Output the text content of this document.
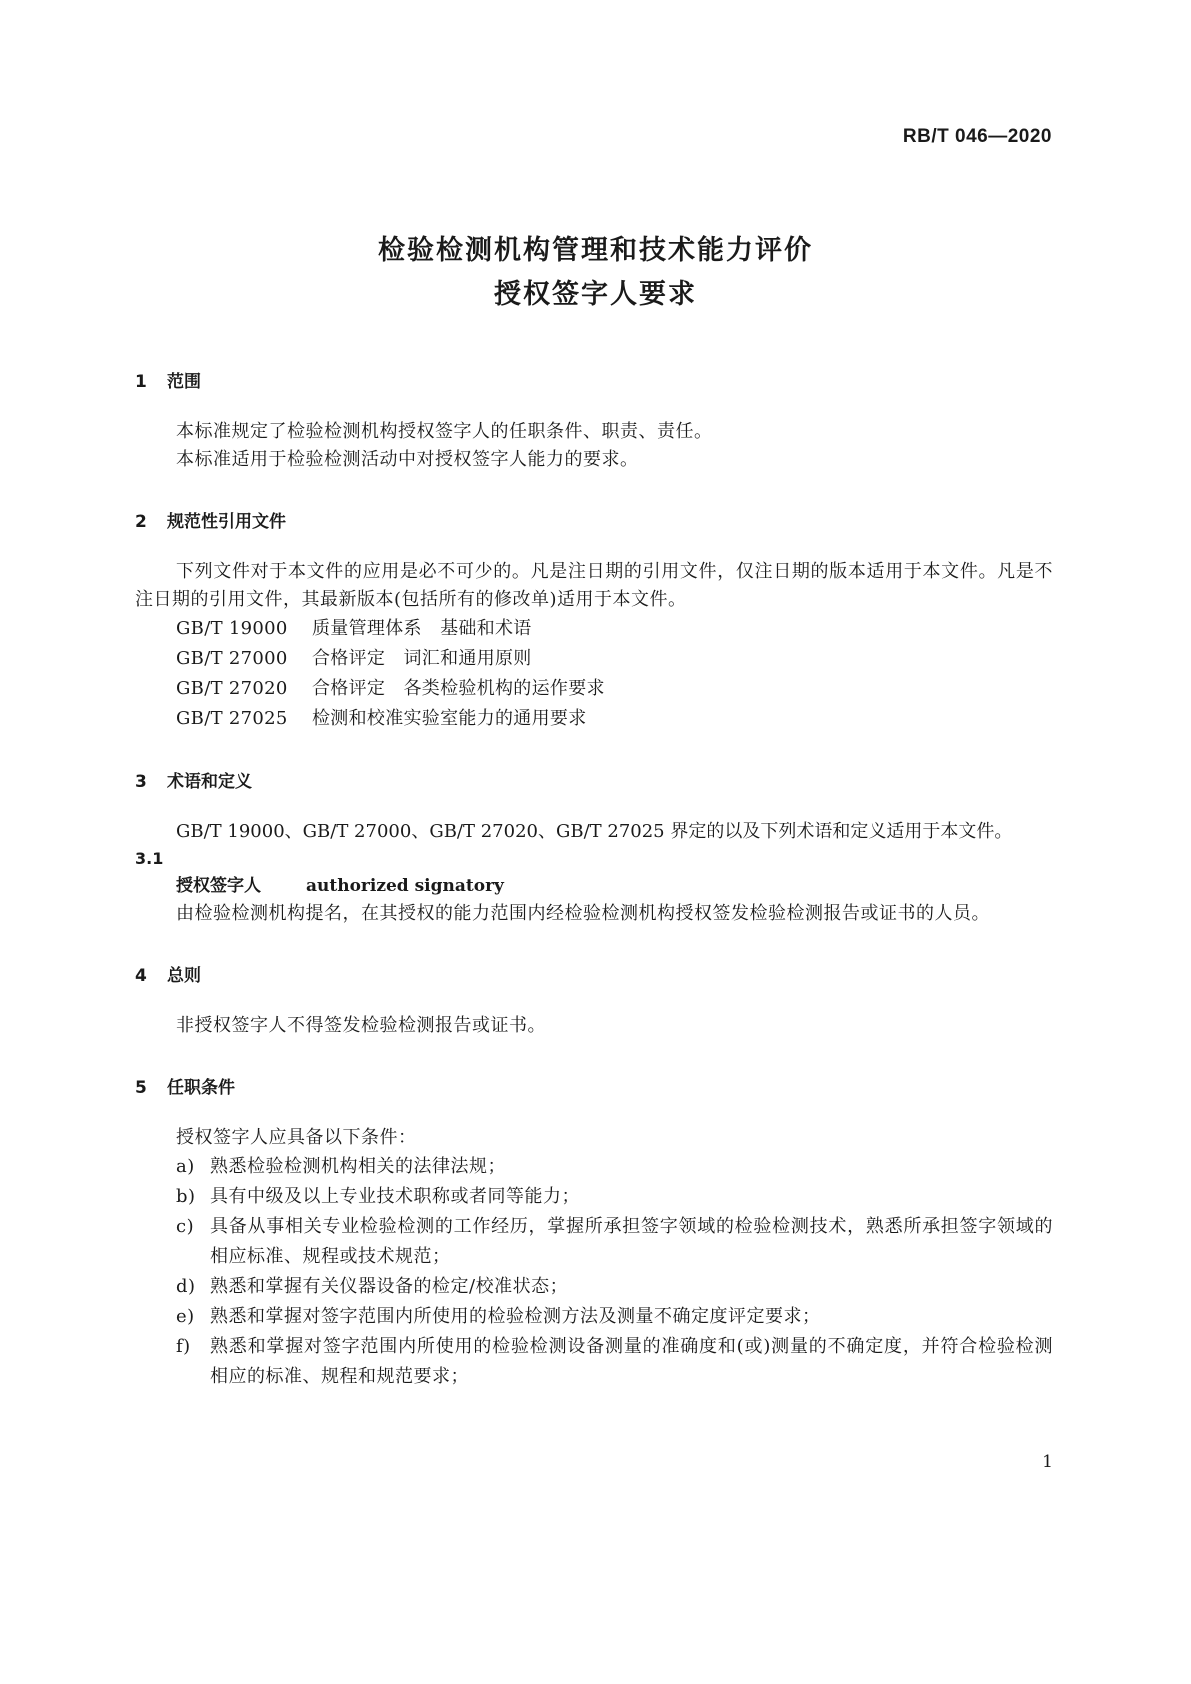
RB/T 046—2020
检验检测机构管理和技术能力评价
授权签字人要求
1 范围
本标准规定了检验检测机构授权签字人的任职条件、职责、责任。
本标准适用于检验检测活动中对授权签字人能力的要求。
2 规范性引用文件
下列文件对于本文件的应用是必不可少的。凡是注日期的引用文件，仅注日期的版本适用于本文件。凡是不注日期的引用文件，其最新版本(包括所有的修改单)适用于本文件。
GB/T 19000 质量管理体系　基础和术语
GB/T 27000 合格评定　词汇和通用原则
GB/T 27020 合格评定　各类检验机构的运作要求
GB/T 27025 检测和校准实验室能力的通用要求
3 术语和定义
GB/T 19000、GB/T 27000、GB/T 27020、GB/T 27025 界定的以及下列术语和定义适用于本文件。
3.1
授权签字人	authorized signatory
由检验检测机构提名，在其授权的能力范围内经检验检测机构授权签发检验检测报告或证书的人员。
4 总则
非授权签字人不得签发检验检测报告或证书。
5 任职条件
授权签字人应具备以下条件：
a) 熟悉检验检测机构相关的法律法规；
b) 具有中级及以上专业技术职称或者同等能力；
c) 具备从事相关专业检验检测的工作经历，掌握所承担签字领域的检验检测技术，熟悉所承担签字领域的相应标准、规程或技术规范；
d) 熟悉和掌握有关仪器设备的检定/校准状态；
e) 熟悉和掌握对签字范围内所使用的检验检测方法及测量不确定度评定要求；
f) 熟悉和掌握对签字范围内所使用的检验检测设备测量的准确度和(或)测量的不确定度，并符合检验检测相应的标准、规程和规范要求；
1
